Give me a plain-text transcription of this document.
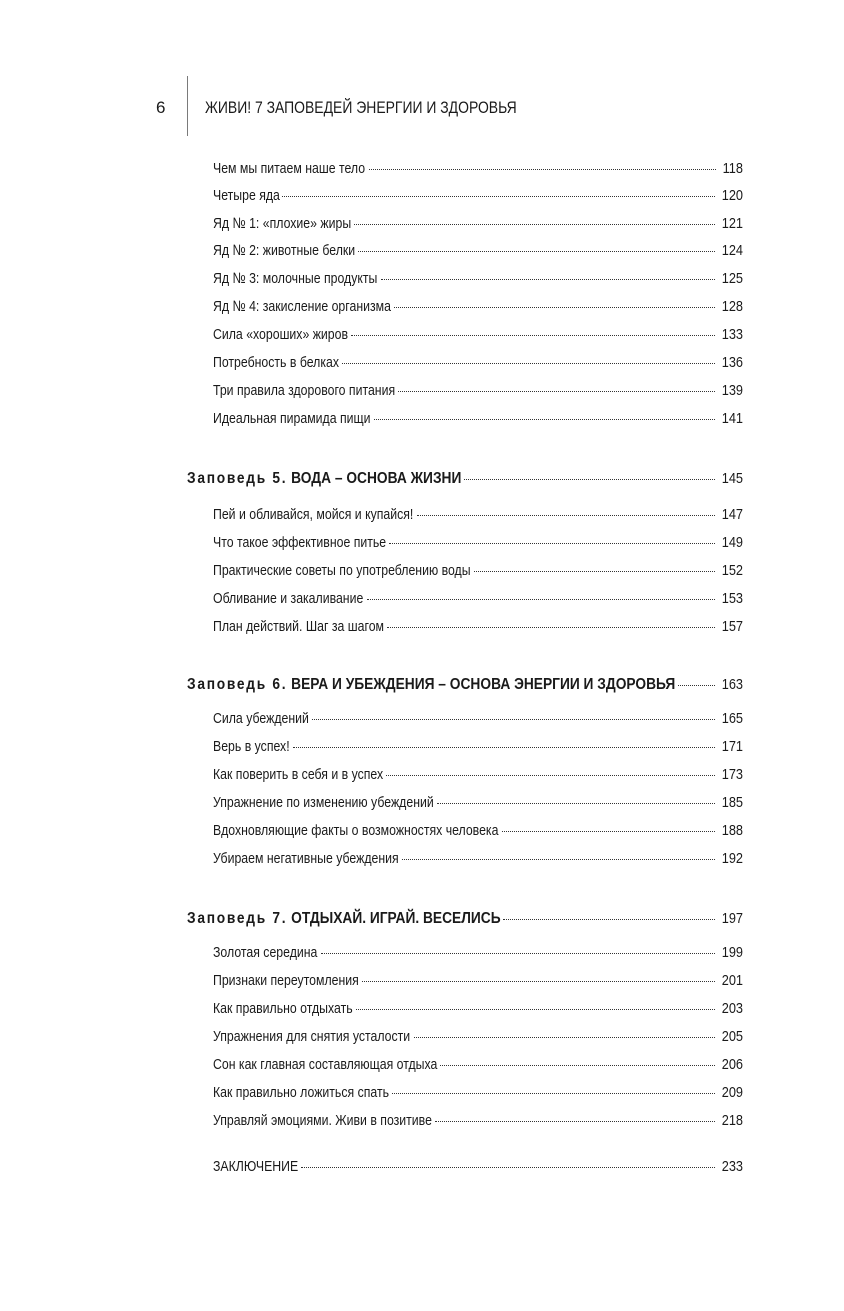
6 ЖИВИ! 7 ЗАПОВЕДЕЙ ЭНЕРГИИ И ЗДОРОВЬЯ
Чем мы питаем наше тело	118
Четыре яда	120
Яд № 1: «плохие» жиры	121
Яд № 2: животные белки	124
Яд № 3: молочные продукты	125
Яд № 4: закисление организма	128
Сила «хороших» жиров	133
Потребность в белках	136
Три правила здорового питания	139
Идеальная пирамида пищи	141
Заповедь 5. ВОДА – ОСНОВА ЖИЗНИ	145
Пей и обливайся, мойся и купайся!	147
Что такое эффективное питье	149
Практические советы по употреблению воды	152
Обливание и закаливание	153
План действий. Шаг за шагом	157
Заповедь 6. ВЕРА И УБЕЖДЕНИЯ – ОСНОВА ЭНЕРГИИ И ЗДОРОВЬЯ	163
Сила убеждений	165
Верь в успех!	171
Как поверить в себя и в успех	173
Упражнение по изменению убеждений	185
Вдохновляющие факты о возможностях человека	188
Убираем негативные убеждения	192
Заповедь 7. ОТДЫХАЙ. ИГРАЙ. ВЕСЕЛИСЬ	197
Золотая середина	199
Признаки переутомления	201
Как правильно отдыхать	203
Упражнения для снятия усталости	205
Сон как главная составляющая отдыха	206
Как правильно ложиться спать	209
Управляй эмоциями. Живи в позитиве	218
ЗАКЛЮЧЕНИЕ	233
